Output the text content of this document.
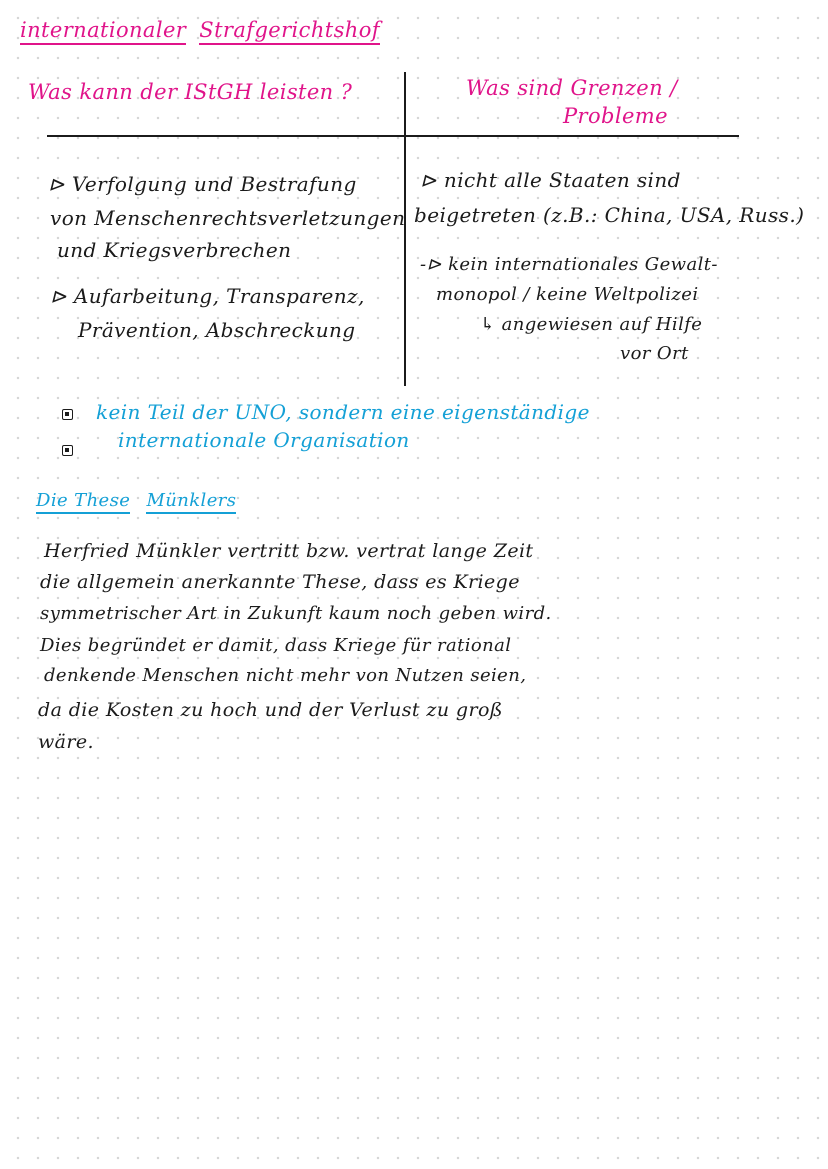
internationaler Strafgerichtshof
Was kann der IStGH leisten ?	Was sind Grenzen /
Probleme
⊳ Verfolgung und Bestrafung
von Menschenrechtsverletzungen
und Kriegsverbrechen
⊳ Aufarbeitung, Transparenz,
Prävention, Abschreckung
⊳ nicht alle Staaten sind
beigetreten (z.B.: China, USA, Russ.)
-⊳ kein internationales Gewalt-
monopol / keine Weltpolizei
↳ angewiesen auf Hilfe
vor Ort
kein Teil der UNO, sondern eine eigenständige
internationale Organisation
Die These Münklers
Herfried Münkler vertritt bzw. vertrat lange Zeit
die allgemein anerkannte These, dass es Kriege
symmetrischer Art in Zukunft kaum noch geben wird.
Dies begründet er damit, dass Kriege für rational
denkende Menschen nicht mehr von Nutzen seien,
da die Kosten zu hoch und der Verlust zu groß
wäre.
